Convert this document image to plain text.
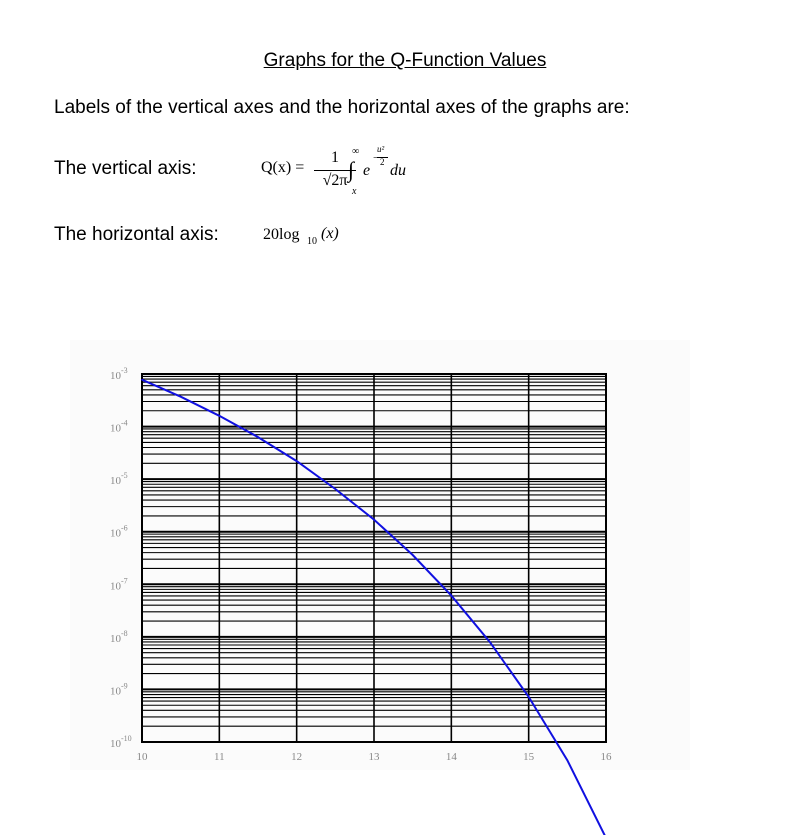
Graphs for the Q-Function Values
Labels of the vertical axes and the horizontal axes of the graphs are:
The vertical axis:	Q(x) =
1
√2π ∫
∞
x
e
−
u²
2 du
The horizontal axis:	20log 10 (x)
10	11	12	13	14	15	16
$10^{-3}$
$10^{-4}$
$10^{-5}$
$10^{-6}$
$10^{-7}$
$10^{-8}$
$10^{-9}$
$10^{-10}$
